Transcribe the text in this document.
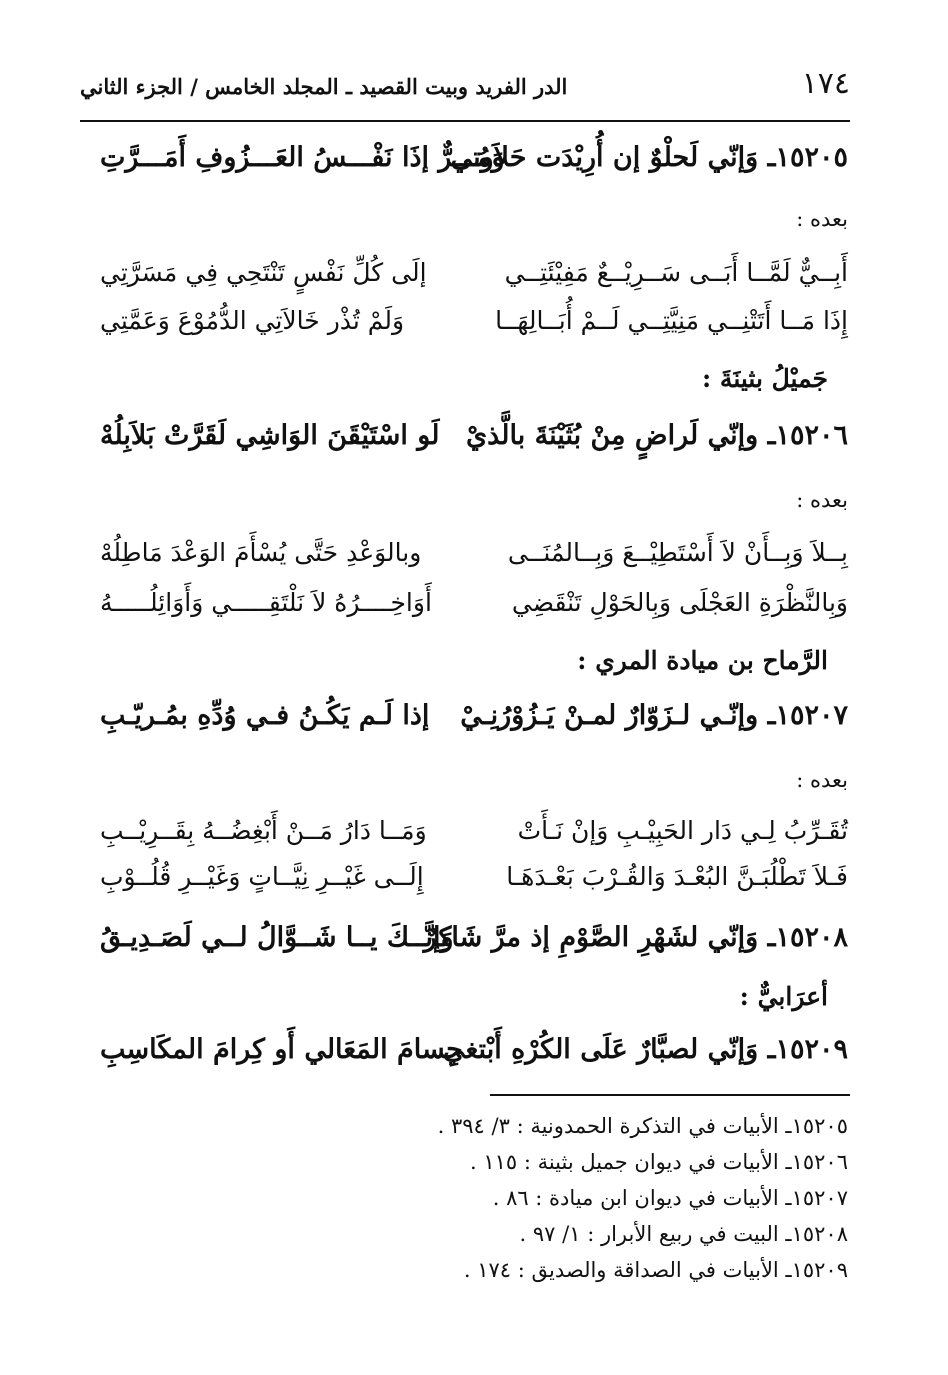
١٧٤
الدر الفريد وبيت القصيد ـ المجلد الخامس / الجزء الثاني
١٥٢٠٥ـ وَإنّي لَحلْوٌ إن أُرِيْدَت حَلاَوتي
وَمُـــرٌّ إذَا نَفْـــسُ العَـــزُوفِ أَمَـــرَّتِ
بعده :
أَبِــيٌّ لَمَّــا أَبَــى سَــرِيْــعٌ مَفِيْئَتِــي
إلَى كُلِّ نَفْسٍ تَنْتَحِي فِي مَسَرَّتِي
إِذَا مَــا أَتَتْنِــي مَنِيَّتِــي لَــمْ أُبَــالِهَــا
وَلَمْ تُذْر خَالاَتِي الدُّمُوْعَ وَعَمَّتِي
جَميْلُ بثينَةَ :
١٥٢٠٦ـ وإنّي لَراضٍ مِنْ بُثَيْنَةَ بالَّذيْ
لَو اسْتَيْقَنَ الوَاشِي لَقَرَّتْ بَلاَبِلُهْ
بعده :
بِــلاَ وَبِــأَنْ لاَ أَسْتَطِيْــعَ وَبِــالمُنَــى
وبالوَعْدِ حَتَّى يُسْأَمَ الوَعْدَ مَاطِلُهْ
وَبِالنَّظْرَةِ العَجْلَى وَبِالحَوْلِ تَنْقَضِي
أَوَاخِــــرُهُ لاَ نَلْتَقِـــــي وَأَوَائِلُـــــهُ
الرَّماح بن ميادة المري :
١٥٢٠٧ـ وإنّـي لـزَوّارٌ لمـنْ يَـزُوْرُنِـيْ
إذا لَـم يَكُـنُ فـي وُدِّهِ بمُـريّـبِ
بعده :
تُقَـرِّبُ لِـي دَار الحَبِيْـبِ وَإنْ نَـأَتْ
وَمَــا دَارُ مَــنْ أَبْغِضُــهُ بِقَــرِيْــبِ
فَـلاَ تَطْلُبَـنَّ البُعْـدَ وَالقُـرْبَ بَعْـدَهَـا
إِلَــى غَيْــرِ نِيَّــاتٍ وَغَيْــرِ قُلُــوْبِ
١٥٢٠٨ـ وَإنّي لشَهْرِ الصَّوْمِ إذ مرَّ شَاكِرٌ
وَإنَّــكَ يــا شَــوَّالُ لــي لَصَـدِيـقُ
أعرَابيٌّ :
١٥٢٠٩ـ وَإنّي لصبَّارٌ عَلَى الكُرْهِ أَبْتغي
جِسامَ المَعَالي أَو كِرامَ المكَاسِبِ
١٥٢٠٥ـ الأبيات في التذكرة الحمدونية : ٣/ ٣٩٤ .
١٥٢٠٦ـ الأبيات في ديوان جميل بثينة : ١١٥ .
١٥٢٠٧ـ الأبيات في ديوان ابن ميادة : ٨٦ .
١٥٢٠٨ـ البيت في ربيع الأبرار : ١/ ٩٧ .
١٥٢٠٩ـ الأبيات في الصداقة والصديق : ١٧٤ .
